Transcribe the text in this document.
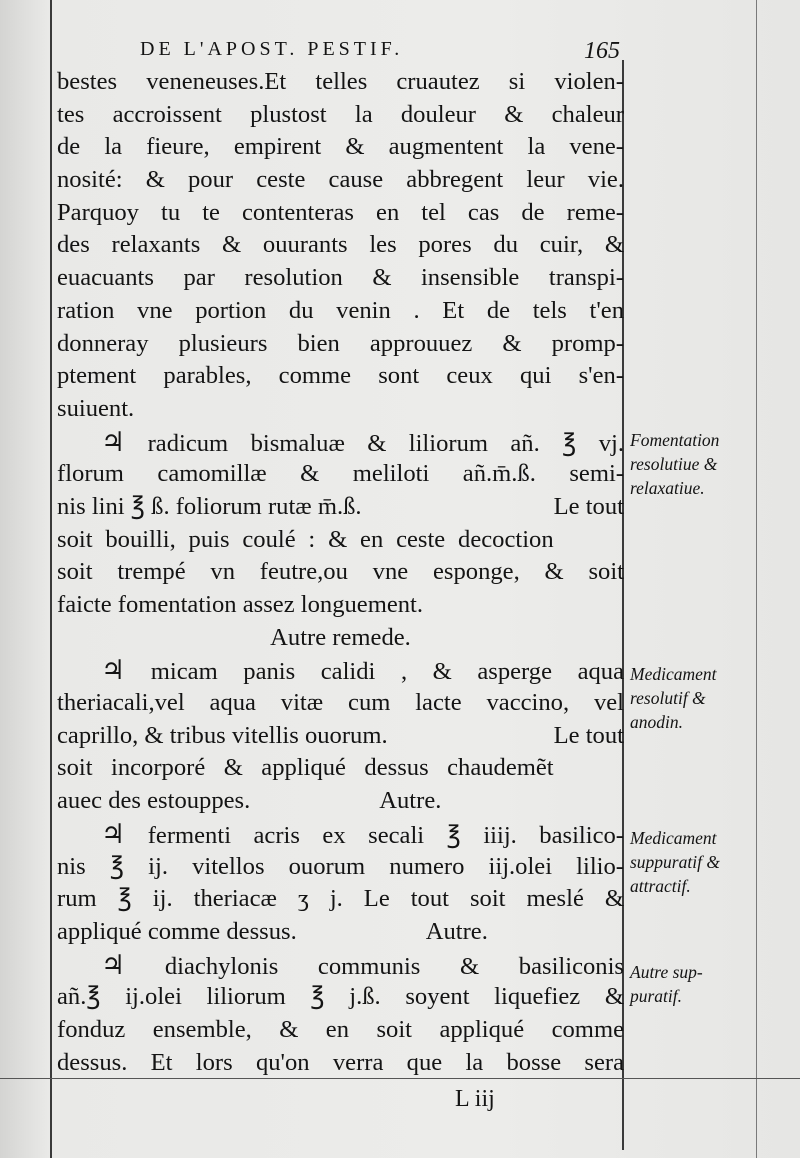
DE L'APOST. PESTIF.	165
bestes veneneuses.Et telles cruautez si violen-
tes accroissent plustost la douleur & chaleur
de la fieure, empirent & augmentent la vene-
nosité: & pour ceste cause abbregent leur vie.
Parquoy tu te contenteras en tel cas de reme-
des relaxants & ouurants les pores du cuir, &
euacuants par resolution & insensible transpi-
ration vne portion du venin . Et de tels t'en
donneray plusieurs bien approuuez & promp-
ptement parables, comme sont ceux qui s'en-
suiuent.
♃ radicum bismaluæ & liliorum añ. ℥ vj.
florum camomillæ & meliloti añ.m̄.ß. semi-
nis lini ℥ ß. foliorum rutæ m̄.ß.	Le tout
soit bouilli, puis coulé : & en ceste decoction
soit trempé vn feutre,ou vne esponge, & soit
faicte fomentation assez longuement.
Autre remede.
♃ micam panis calidi , & asperge aqua
theriacali,vel aqua vitæ cum lacte vaccino, vel
caprillo, & tribus vitellis ouorum.	Le tout
soit incorporé & appliqué dessus chaudemẽt
auec des estouppes.	Autre.
♃ fermenti acris ex secali ℥ iiij. basilico-
nis ℥ ij. vitellos ouorum numero iij.olei lilio-
rum ℥ ij. theriacæ ʒ j. Le tout soit meslé &
appliqué comme dessus.	Autre.
♃ diachylonis communis & basiliconis
añ.℥ ij.olei liliorum ℥ j.ß. soyent liquefiez &
fonduz ensemble, & en soit appliqué comme
dessus. Et lors qu'on verra que la bosse sera
Fomentation
resolutiue &
relaxatiue.
Medicament
resolutif &
anodin.
Medicament
suppuratif &
attractif.
Autre sup-
puratif.
L iij
